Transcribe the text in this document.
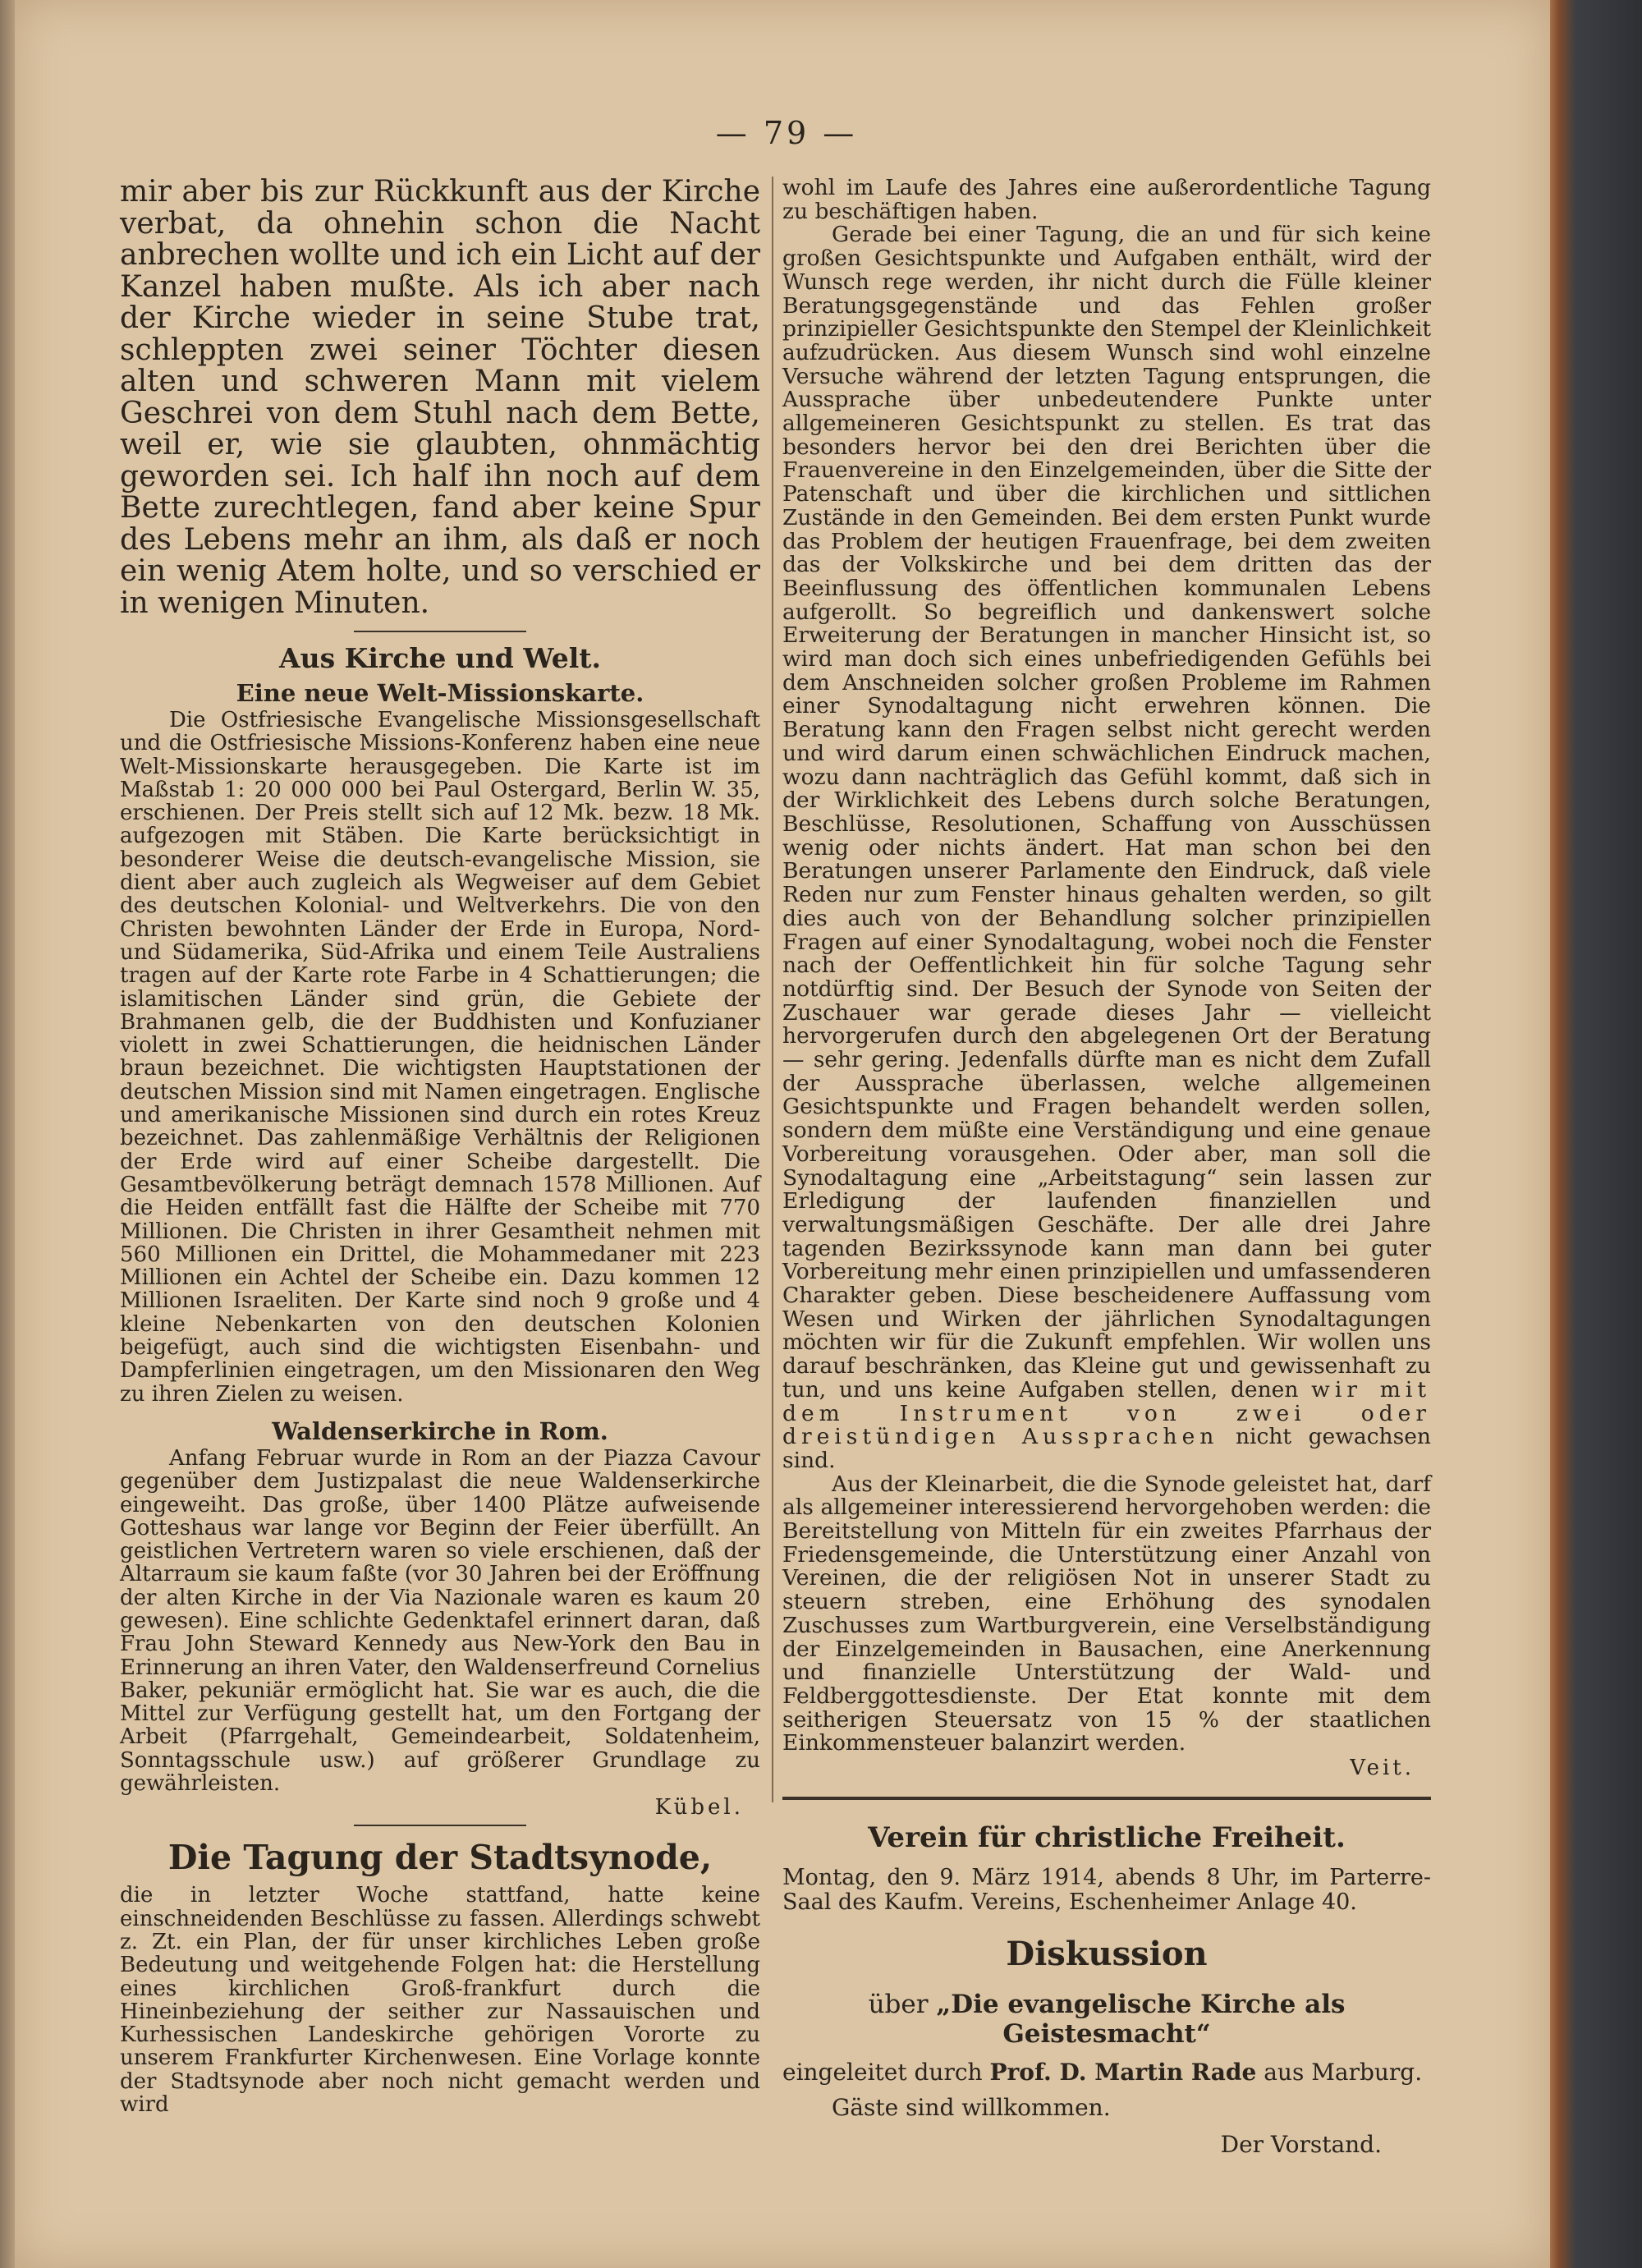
— 79 —

mir aber bis zur Rückkunft aus der Kirche verbat, da ohnehin schon die Nacht anbrechen wollte und ich ein Licht auf der Kanzel haben mußte. Als ich aber nach der Kirche wieder in seine Stube trat, schleppten zwei seiner Töchter diesen alten und schweren Mann mit vielem Geschrei von dem Stuhl nach dem Bette, weil er, wie sie glaubten, ohnmächtig geworden sei. Ich half ihn noch auf dem Bette zurechtlegen, fand aber keine Spur des Lebens mehr an ihm, als daß er noch ein wenig Atem holte, und so verschied er in wenigen Minuten.

Aus Kirche und Welt.
Eine neue Welt-Missionskarte.

Die Ostfriesische Evangelische Missionsgesellschaft und die Ostfriesische Missions-Konferenz haben eine neue Welt-Missionskarte herausgegeben. Die Karte ist im Maßstab 1: 20 000 000 bei Paul Ostergard, Berlin W. 35, erschienen. Der Preis stellt sich auf 12 Mk. bezw. 18 Mk. aufgezogen mit Stäben. Die Karte berücksichtigt in besonderer Weise die deutsch-evangelische Mission, sie dient aber auch zugleich als Wegweiser auf dem Gebiet des deutschen Kolonial- und Weltverkehrs. Die von den Christen bewohnten Länder der Erde in Europa, Nord- und Südamerika, Süd-Afrika und einem Teile Australiens tragen auf der Karte rote Farbe in 4 Schattierungen; die islamitischen Länder sind grün, die Gebiete der Brahmanen gelb, die der Buddhisten und Konfuzianer violett in zwei Schattierungen, die heidnischen Länder braun bezeichnet. Die wichtigsten Hauptstationen der deutschen Mission sind mit Namen eingetragen. Englische und amerikanische Missionen sind durch ein rotes Kreuz bezeichnet. Das zahlenmäßige Verhältnis der Religionen der Erde wird auf einer Scheibe dargestellt. Die Gesamtbevölkerung beträgt demnach 1578 Millionen. Auf die Heiden entfällt fast die Hälfte der Scheibe mit 770 Millionen. Die Christen in ihrer Gesamtheit nehmen mit 560 Millionen ein Drittel, die Mohammedaner mit 223 Millionen ein Achtel der Scheibe ein. Dazu kommen 12 Millionen Israeliten. Der Karte sind noch 9 große und 4 kleine Nebenkarten von den deutschen Kolonien beigefügt, auch sind die wichtigsten Eisenbahn- und Dampferlinien eingetragen, um den Missionaren den Weg zu ihren Zielen zu weisen.

Waldenserkirche in Rom.

Anfang Februar wurde in Rom an der Piazza Cavour gegenüber dem Justizpalast die neue Waldenserkirche eingeweiht. Das große, über 1400 Plätze aufweisende Gotteshaus war lange vor Beginn der Feier überfüllt. An geistlichen Vertretern waren so viele erschienen, daß der Altarraum sie kaum faßte (vor 30 Jahren bei der Eröffnung der alten Kirche in der Via Nazionale waren es kaum 20 gewesen). Eine schlichte Gedenktafel erinnert daran, daß Frau John Steward Kennedy aus New-York den Bau in Erinnerung an ihren Vater, den Waldenserfreund Cornelius Baker, pekuniär ermöglicht hat. Sie war es auch, die die Mittel zur Verfügung gestellt hat, um den Fortgang der Arbeit (Pfarrgehalt, Gemeindearbeit, Soldatenheim, Sonntagsschule usw.) auf größerer Grundlage zu gewährleisten.

Kübel.
Die Tagung der Stadtsynode,

die in letzter Woche stattfand, hatte keine einschneidenden Beschlüsse zu fassen. Allerdings schwebt z. Zt. ein Plan, der für unser kirchliches Leben große Bedeutung und weitgehende Folgen hat: die Herstellung eines kirchlichen Groß-frankfurt durch die Hineinbeziehung der seither zur Nassauischen und Kurhessischen Landeskirche gehörigen Vororte zu unserem Frankfurter Kirchenwesen. Eine Vorlage konnte der Stadtsynode aber noch nicht gemacht werden und wird

wohl im Laufe des Jahres eine außerordentliche Tagung zu beschäftigen haben.

Gerade bei einer Tagung, die an und für sich keine großen Gesichtspunkte und Aufgaben enthält, wird der Wunsch rege werden, ihr nicht durch die Fülle kleiner Beratungsgegenstände und das Fehlen großer prinzipieller Gesichtspunkte den Stempel der Kleinlichkeit aufzudrücken. Aus diesem Wunsch sind wohl einzelne Versuche während der letzten Tagung entsprungen, die Aussprache über unbedeutendere Punkte unter allgemeineren Gesichtspunkt zu stellen. Es trat das besonders hervor bei den drei Berichten über die Frauenvereine in den Einzelgemeinden, über die Sitte der Patenschaft und über die kirchlichen und sittlichen Zustände in den Gemeinden. Bei dem ersten Punkt wurde das Problem der heutigen Frauenfrage, bei dem zweiten das der Volkskirche und bei dem dritten das der Beeinflussung des öffentlichen kommunalen Lebens aufgerollt. So begreiflich und dankenswert solche Erweiterung der Beratungen in mancher Hinsicht ist, so wird man doch sich eines unbefriedigenden Gefühls bei dem Anschneiden solcher großen Probleme im Rahmen einer Synodaltagung nicht erwehren können. Die Beratung kann den Fragen selbst nicht gerecht werden und wird darum einen schwächlichen Eindruck machen, wozu dann nachträglich das Gefühl kommt, daß sich in der Wirklichkeit des Lebens durch solche Beratungen, Beschlüsse, Resolutionen, Schaffung von Ausschüssen wenig oder nichts ändert. Hat man schon bei den Beratungen unserer Parlamente den Eindruck, daß viele Reden nur zum Fenster hinaus gehalten werden, so gilt dies auch von der Behandlung solcher prinzipiellen Fragen auf einer Synodaltagung, wobei noch die Fenster nach der Oeffentlichkeit hin für solche Tagung sehr notdürftig sind. Der Besuch der Synode von Seiten der Zuschauer war gerade dieses Jahr — vielleicht hervorgerufen durch den abgelegenen Ort der Beratung — sehr gering. Jedenfalls dürfte man es nicht dem Zufall der Aussprache überlassen, welche allgemeinen Gesichtspunkte und Fragen behandelt werden sollen, sondern dem müßte eine Verständigung und eine genaue Vorbereitung vorausgehen. Oder aber, man soll die Synodaltagung eine „Arbeitstagung“ sein lassen zur Erledigung der laufenden finanziellen und verwaltungsmäßigen Geschäfte. Der alle drei Jahre tagenden Bezirkssynode kann man dann bei guter Vorbereitung mehr einen prinzipiellen und umfassenderen Charakter geben. Diese bescheidenere Auffassung vom Wesen und Wirken der jährlichen Synodaltagungen möchten wir für die Zukunft empfehlen. Wir wollen uns darauf beschränken, das Kleine gut und gewissenhaft zu tun, und uns keine Aufgaben stellen, denen wir mit dem Instrument von zwei oder dreistündigen Aussprachen nicht gewachsen sind.

Aus der Kleinarbeit, die die Synode geleistet hat, darf als allgemeiner interessierend hervorgehoben werden: die Bereitstellung von Mitteln für ein zweites Pfarrhaus der Friedensgemeinde, die Unterstützung einer Anzahl von Vereinen, die der religiösen Not in unserer Stadt zu steuern streben, eine Erhöhung des synodalen Zuschusses zum Wartburgverein, eine Verselbständigung der Einzelgemeinden in Bausachen, eine Anerkennung und finanzielle Unterstützung der Wald- und Feldberggottesdienste. Der Etat konnte mit dem seitherigen Steuersatz von 15 % der staatlichen Einkommensteuer balanzirt werden.

Veit.
Verein für christliche Freiheit.

Montag, den 9. März 1914, abends 8 Uhr, im Parterre-Saal des Kaufm. Vereins, Eschenheimer Anlage 40.

Diskussion
über „Die evangelische Kirche als Geistesmacht“
eingeleitet durch Prof. D. Martin Rade aus Marburg.
Gäste sind willkommen.
Der Vorstand.
